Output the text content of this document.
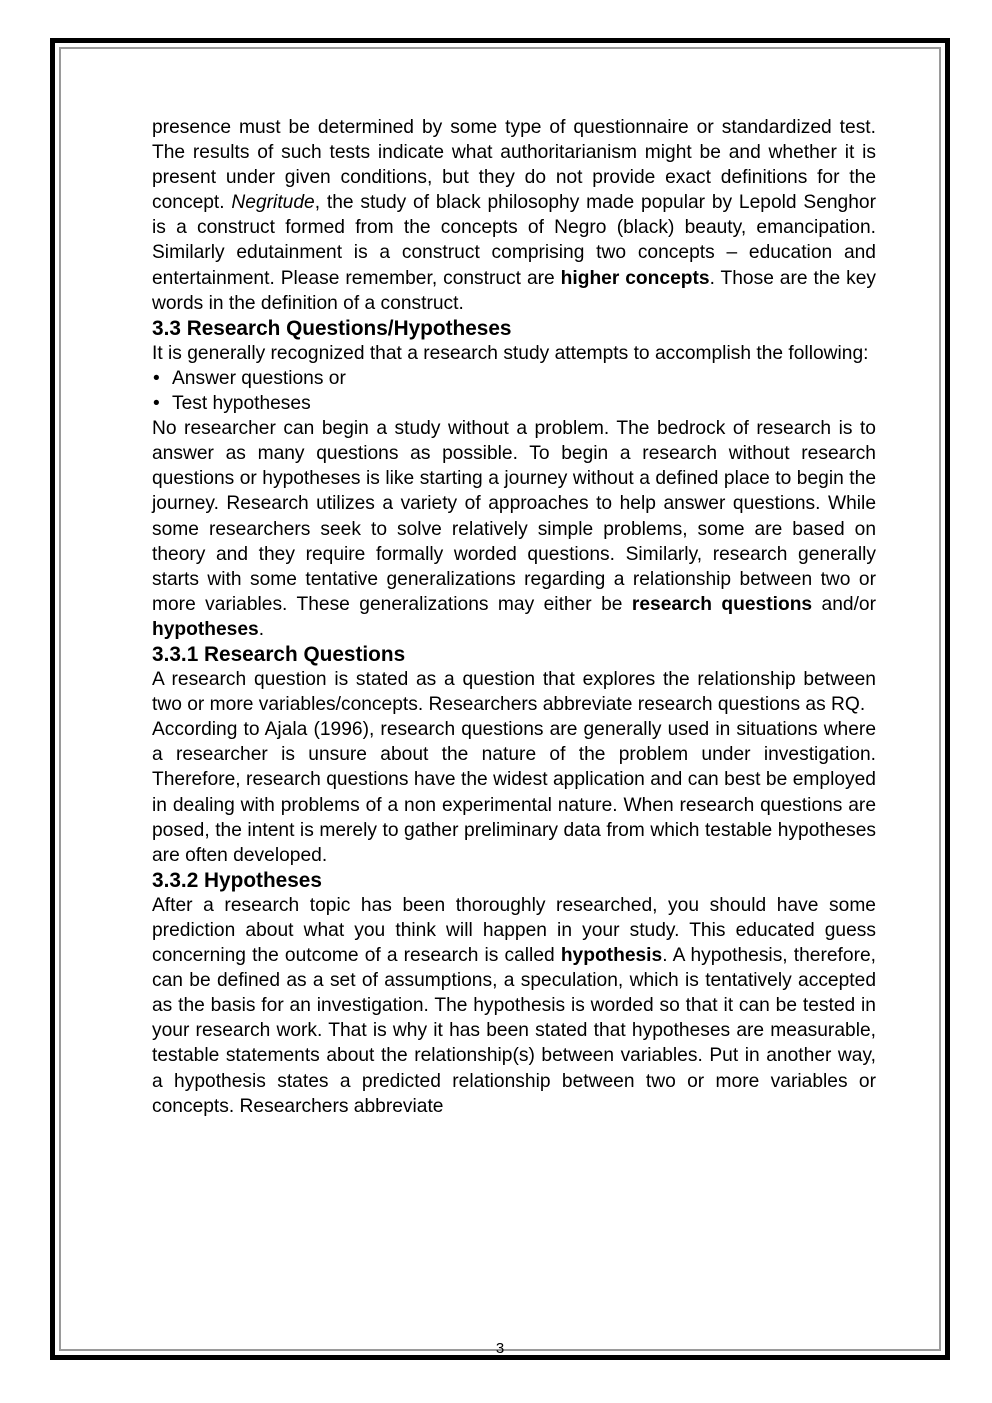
presence must be determined by some type of questionnaire or standardized test. The results of such tests indicate what authoritarianism might be and whether it is present under given conditions, but they do not provide exact definitions for the concept. Negritude, the study of black philosophy made popular by Lepold Senghor is a construct formed from the concepts of Negro (black) beauty, emancipation. Similarly edutainment is a construct comprising two concepts – education and entertainment. Please remember, construct are higher concepts. Those are the key words in the definition of a construct.

3.3 Research Questions/Hypotheses

It is generally recognized that a research study attempts to accomplish the following:

• Answer questions or
• Test hypotheses

No researcher can begin a study without a problem. The bedrock of research is to answer as many questions as possible. To begin a research without research questions or hypotheses is like starting a journey without a defined place to begin the journey. Research utilizes a variety of approaches to help answer questions. While some researchers seek to solve relatively simple problems, some are based on theory and they require formally worded questions. Similarly, research generally starts with some tentative generalizations regarding a relationship between two or more variables. These generalizations may either be research questions and/or hypotheses.

3.3.1 Research Questions

A research question is stated as a question that explores the relationship between two or more variables/concepts. Researchers abbreviate research questions as RQ.

According to Ajala (1996), research questions are generally used in situations where a researcher is unsure about the nature of the problem under investigation. Therefore, research questions have the widest application and can best be employed in dealing with problems of a non experimental nature. When research questions are posed, the intent is merely to gather preliminary data from which testable hypotheses are often developed.

3.3.2 Hypotheses

After a research topic has been thoroughly researched, you should have some prediction about what you think will happen in your study. This educated guess concerning the outcome of a research is called hypothesis. A hypothesis, therefore, can be defined as a set of assumptions, a speculation, which is tentatively accepted as the basis for an investigation. The hypothesis is worded so that it can be tested in your research work. That is why it has been stated that hypotheses are measurable, testable statements about the relationship(s) between variables. Put in another way, a hypothesis states a predicted relationship between two or more variables or concepts. Researchers abbreviate

3
